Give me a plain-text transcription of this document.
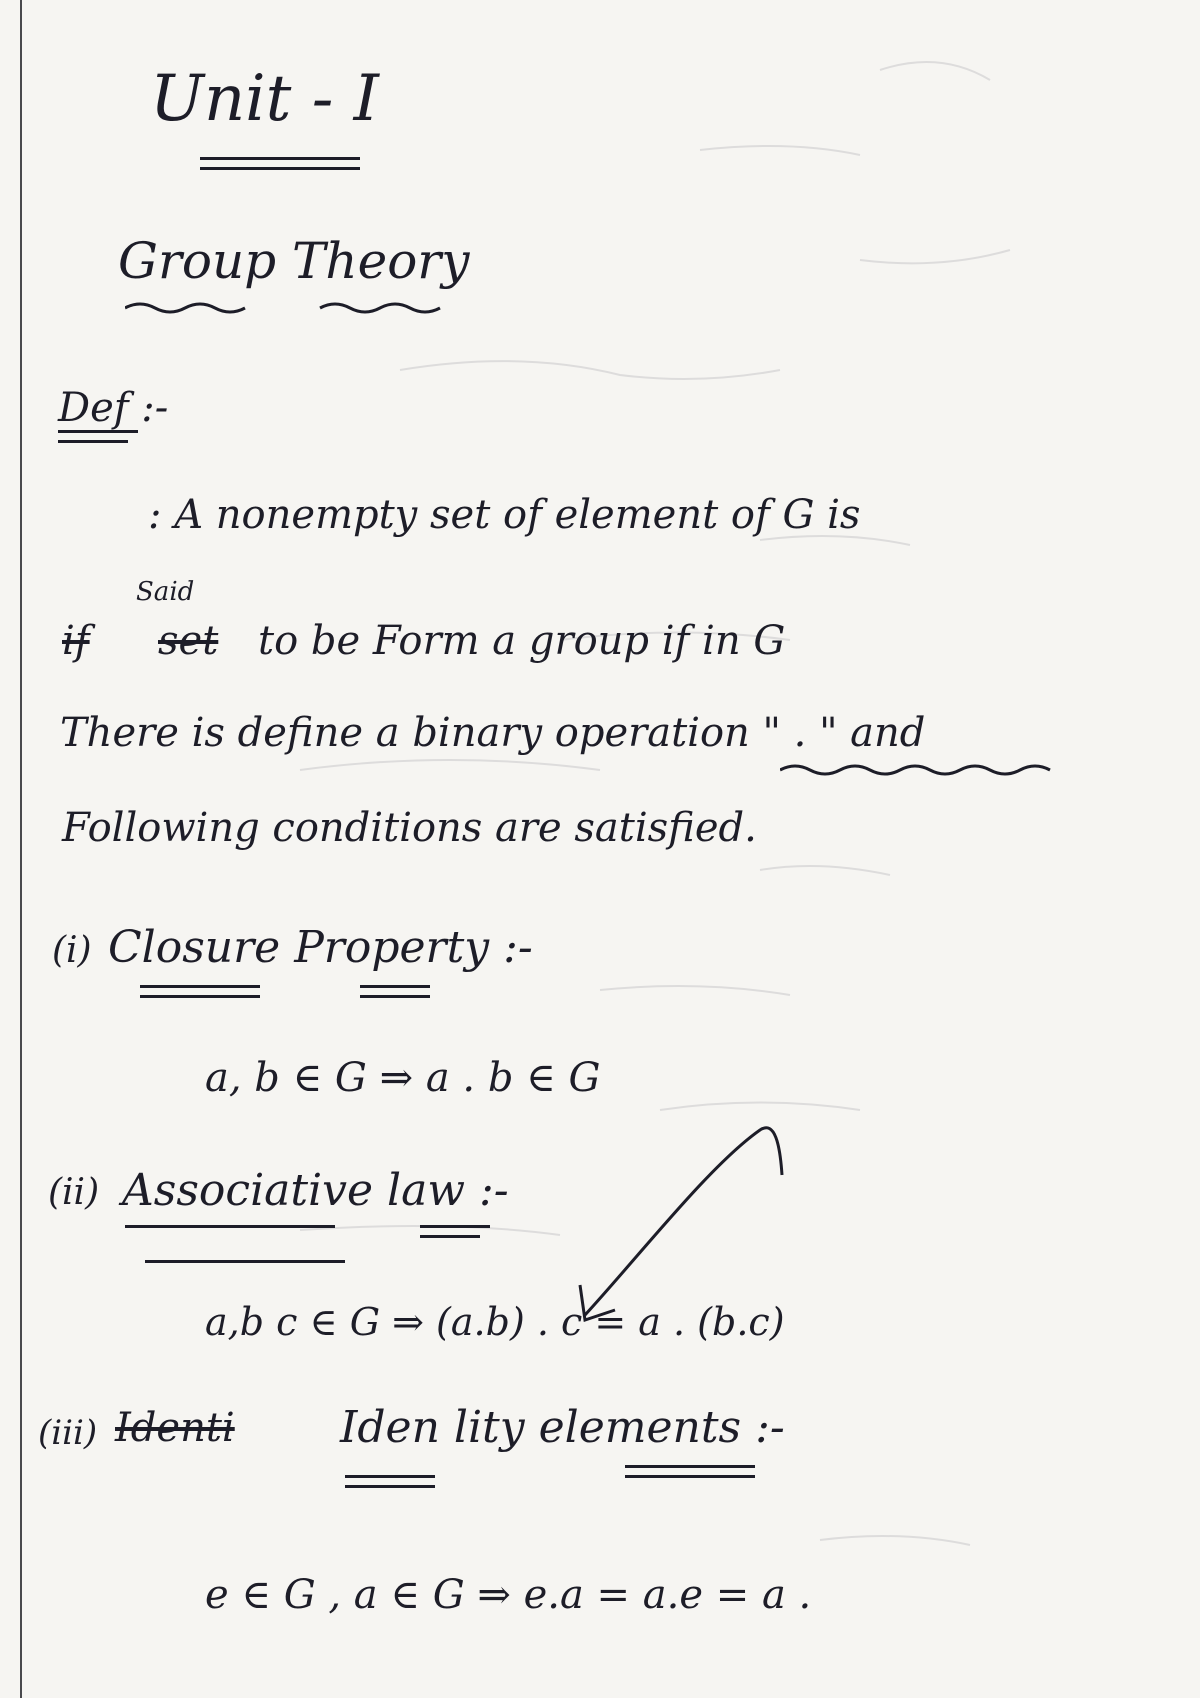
Unit - I
Group Theory
Def :-
: A nonempty set of element of G is
Said
if set to be Form a group if in G
There is define a binary operation " . " and
Following conditions are satisfied.
(i) Closure Property :-
a, b ∈ G ⇒ a . b ∈ G
(ii) Associative law :-
a,b c ∈ G ⇒ (a.b) . c = a . (b.c)
(iii) Identi Iden lity elements :-
e ∈ G , a ∈ G ⇒ e.a = a.e = a .
